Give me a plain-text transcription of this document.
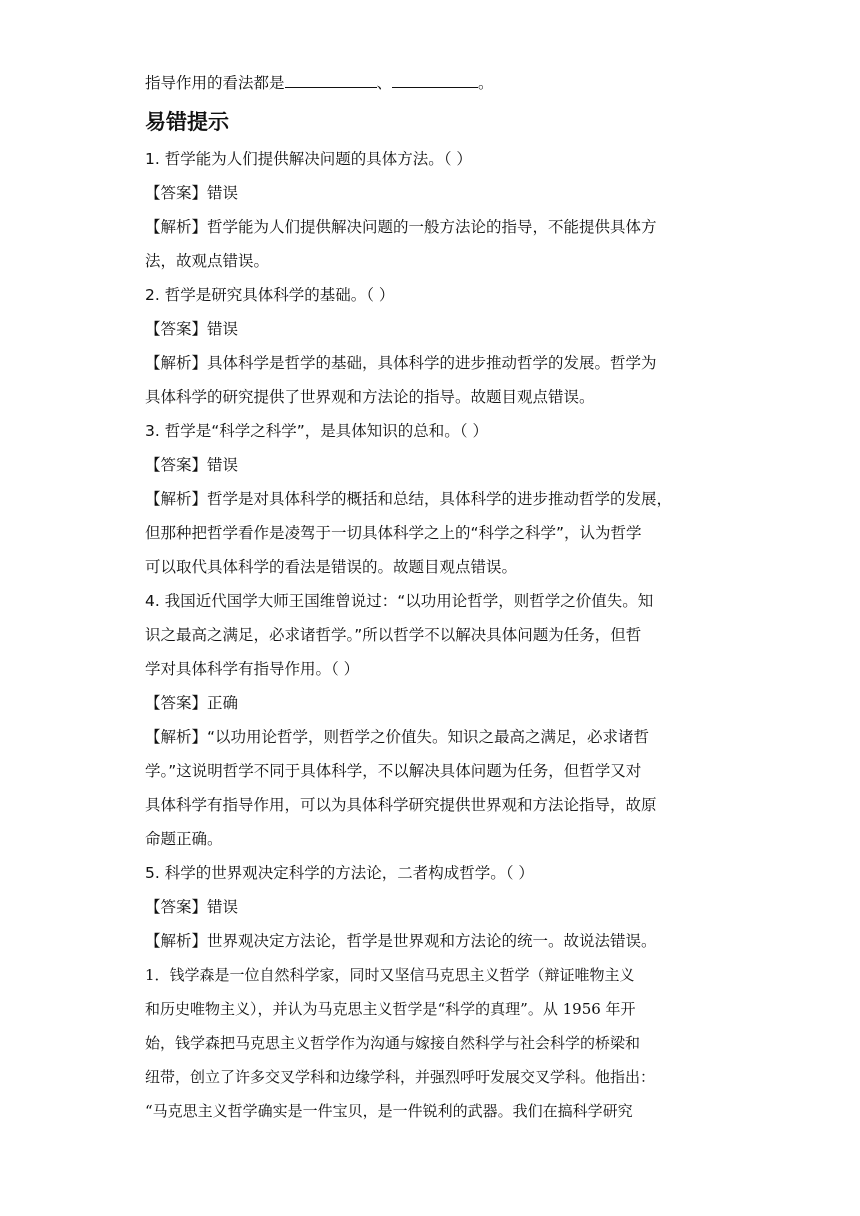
指导作用的看法都是	、	。
易错提示
1. 哲学能为人们提供解决问题的具体方法。（ ）
【答案】错误
【解析】哲学能为人们提供解决问题的一般方法论的指导，不能提供具体方
法，故观点错误。
2. 哲学是研究具体科学的基础。（ ）
【答案】错误
【解析】具体科学是哲学的基础，具体科学的进步推动哲学的发展。哲学为
具体科学的研究提供了世界观和方法论的指导。故题目观点错误。
3. 哲学是“科学之科学”，是具体知识的总和。（ ）
【答案】错误
【解析】哲学是对具体科学的概括和总结，具体科学的进步推动哲学的发展，
但那种把哲学看作是凌驾于一切具体科学之上的“科学之科学”，认为哲学
可以取代具体科学的看法是错误的。故题目观点错误。
4. 我国近代国学大师王国维曾说过：“以功用论哲学，则哲学之价值失。知
识之最高之满足，必求诸哲学。”所以哲学不以解决具体问题为任务，但哲
学对具体科学有指导作用。（ ）
【答案】正确
【解析】“以功用论哲学，则哲学之价值失。知识之最高之满足，必求诸哲
学。”这说明哲学不同于具体科学，不以解决具体问题为任务，但哲学又对
具体科学有指导作用，可以为具体科学研究提供世界观和方法论指导，故原
命题正确。
5. 科学的世界观决定科学的方法论，二者构成哲学。（ ）
【答案】错误
【解析】世界观决定方法论，哲学是世界观和方法论的统一。故说法错误。
1．钱学森是一位自然科学家，同时又坚信马克思主义哲学（辩证唯物主义
和历史唯物主义），并认为马克思主义哲学是“科学的真理”。从 1956 年开
始，钱学森把马克思主义哲学作为沟通与嫁接自然科学与社会科学的桥梁和
纽带，创立了许多交叉学科和边缘学科，并强烈呼吁发展交叉学科。他指出：
“马克思主义哲学确实是一件宝贝，是一件锐利的武器。我们在搞科学研究
